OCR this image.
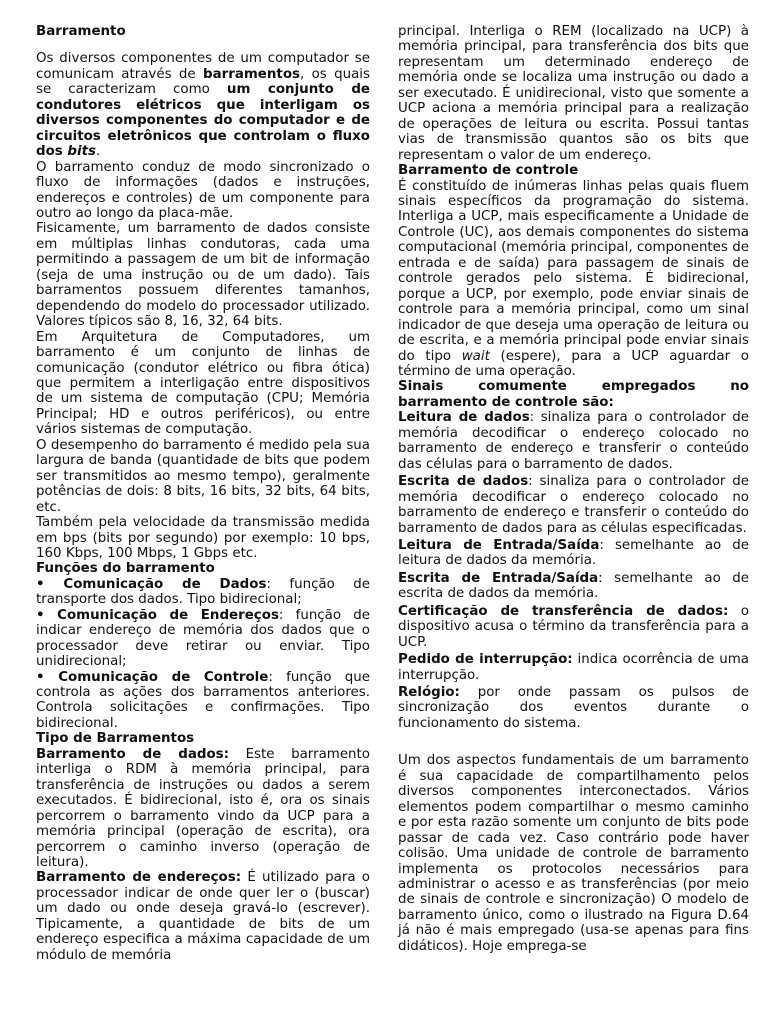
Barramento

Os diversos componentes de um computador se comunicam através de barramentos, os quais se caracterizam como um conjunto de condutores elétricos que interligam os diversos componentes do computador e de circuitos eletrônicos que controlam o fluxo dos bits.

O barramento conduz de modo sincronizado o fluxo de informações (dados e instruções, endereços e controles) de um componente para outro ao longo da placa-mãe.

Fisicamente, um barramento de dados consiste em múltiplas linhas condutoras, cada uma permitindo a passagem de um bit de informação (seja de uma instrução ou de um dado). Tais barramentos possuem diferentes tamanhos, dependendo do modelo do processador utilizado. Valores típicos são 8, 16, 32, 64 bits.

Em Arquitetura de Computadores, um barramento é um conjunto de linhas de comunicação (condutor elétrico ou fibra ótica) que permitem a interligação entre dispositivos de um sistema de computação (CPU; Memória Principal; HD e outros periféricos), ou entre vários sistemas de computação.

O desempenho do barramento é medido pela sua largura de banda (quantidade de bits que podem ser transmitidos ao mesmo tempo), geralmente potências de dois: 8 bits, 16 bits, 32 bits, 64 bits, etc.

Também pela velocidade da transmissão medida em bps (bits por segundo) por exemplo: 10 bps, 160 Kbps, 100 Mbps, 1 Gbps etc.

Funções do barramento

• Comunicação de Dados: função de transporte dos dados. Tipo bidirecional;

• Comunicação de Endereços: função de indicar endereço de memória dos dados que o processador deve retirar ou enviar. Tipo unidirecional;

• Comunicação de Controle: função que controla as ações dos barramentos anteriores. Controla solicitações e confirmações. Tipo bidirecional.

Tipo de Barramentos

Barramento de dados: Este barramento interliga o RDM à memória principal, para transferência de instruções ou dados a serem executados. É bidirecional, isto é, ora os sinais percorrem o barramento vindo da UCP para a memória principal (operação de escrita), ora percorrem o caminho inverso (operação de leitura).

Barramento de endereços: É utilizado para o processador indicar de onde quer ler o (buscar) um dado ou onde deseja gravá-lo (escrever). Tipicamente, a quantidade de bits de um endereço especifica a máxima capacidade de um módulo de memória

principal. Interliga o REM (localizado na UCP) à memória principal, para transferência dos bits que representam um determinado endereço de memória onde se localiza uma instrução ou dado a ser executado. É unidirecional, visto que somente a UCP aciona a memória principal para a realização de operações de leitura ou escrita. Possui tantas vias de transmissão quantos são os bits que representam o valor de um endereço.

Barramento de controle

É constituído de inúmeras linhas pelas quais fluem sinais específicos da programação do sistema. Interliga a UCP, mais especificamente a Unidade de Controle (UC), aos demais componentes do sistema computacional (memória principal, componentes de entrada e de saída) para passagem de sinais de controle gerados pelo sistema. É bidirecional, porque a UCP, por exemplo, pode enviar sinais de controle para a memória principal, como um sinal indicador de que deseja uma operação de leitura ou de escrita, e a memória principal pode enviar sinais do tipo wait (espere), para a UCP aguardar o término de uma operação.

Sinais comumente empregados no barramento de controle são:

Leitura de dados: sinaliza para o controlador de memória decodificar o endereço colocado no barramento de endereço e transferir o conteúdo das células para o barramento de dados.

Escrita de dados: sinaliza para o controlador de memória decodificar o endereço colocado no barramento de endereço e transferir o conteúdo do barramento de dados para as células especificadas.

Leitura de Entrada/Saída: semelhante ao de leitura de dados da memória.

Escrita de Entrada/Saída: semelhante ao de escrita de dados da memória.

Certificação de transferência de dados: o dispositivo acusa o término da transferência para a UCP.

Pedido de interrupção: indica ocorrência de uma interrupção.

Relógio: por onde passam os pulsos de sincronização dos eventos durante o funcionamento do sistema.

Um dos aspectos fundamentais de um barramento é sua capacidade de compartilhamento pelos diversos componentes interconectados. Vários elementos podem compartilhar o mesmo caminho e por esta razão somente um conjunto de bits pode passar de cada vez. Caso contrário pode haver colisão. Uma unidade de controle de barramento implementa os protocolos necessários para administrar o acesso e as transferências (por meio de sinais de controle e sincronização) O modelo de barramento único, como o ilustrado na Figura D.64 já não é mais empregado (usa-se apenas para fins didáticos). Hoje emprega-se
